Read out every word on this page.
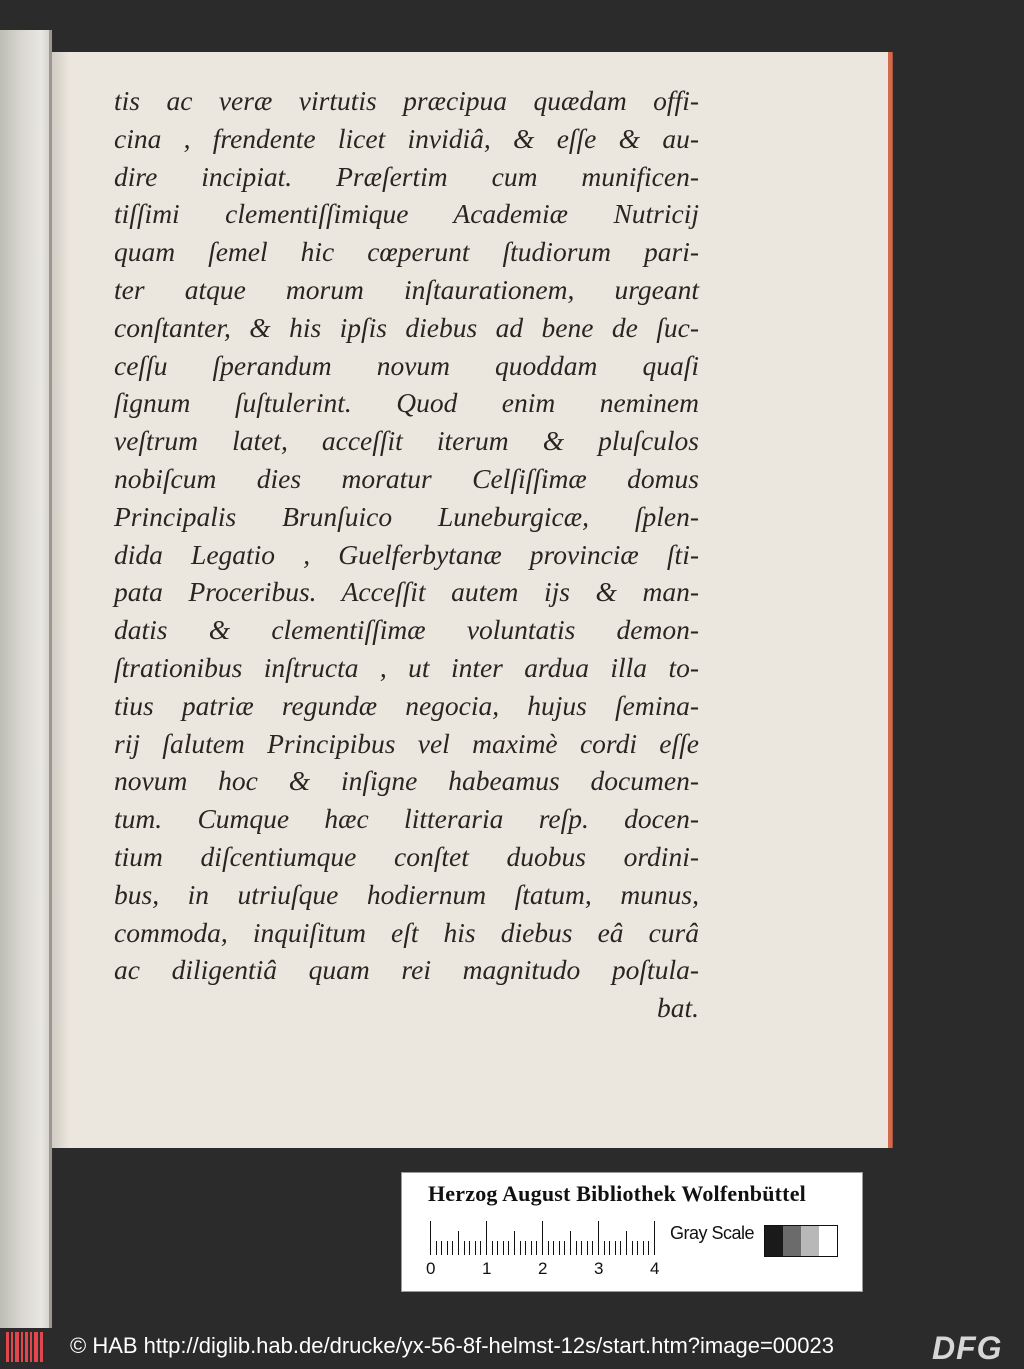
tis ac veræ virtutis præcipua quædam offi-
cina , frendente licet invidiâ, & eſſe & au-
dire incipiat. Præſertim cum munificen-
tiſſimi clementiſſimique Academiæ Nutricij
quam ſemel hic cœperunt ſtudiorum pari-
ter atque morum inſtaurationem, urgeant
conſtanter, & his ipſis diebus ad bene de ſuc-
ceſſu ſperandum novum quoddam quaſi
ſignum ſuſtulerint. Quod enim neminem
veſtrum latet, acceſſit iterum & pluſculos
nobiſcum dies moratur Celſiſſimæ domus
Principalis Brunſuico Luneburgicæ, ſplen-
dida Legatio , Guelferbytanæ provinciæ ſti-
pata Proceribus. Acceſſit autem ijs & man-
datis & clementiſſimæ voluntatis demon-
ſtrationibus inſtructa , ut inter ardua illa to-
tius patriæ regundæ negocia, hujus ſemina-
rij ſalutem Principibus vel maximè cordi eſſe
novum hoc & inſigne habeamus documen-
tum. Cumque hæc litteraria reſp. docen-
tium diſcentiumque conſtet duobus ordini-
bus, in utriuſque hodiernum ſtatum, munus,
commoda, inquiſitum eſt his diebus eâ curâ
ac diligentiâ quam rei magnitudo poſtula-
bat.
Herzog August Bibliothek Wolfenbüttel
0	1	2	3	4
Gray Scale
© HAB http://diglib.hab.de/drucke/yx-56-8f-helmst-12s/start.htm?image=00023	DFG
